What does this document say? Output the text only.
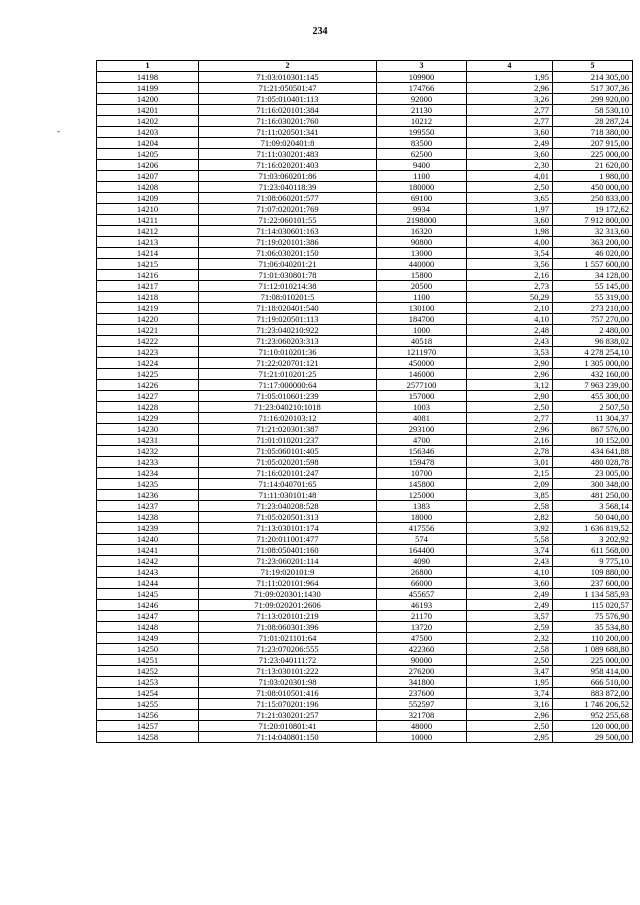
234
-
1	2	3	4	5
14198	71:03:010301:145	109900	1,95	214 305,00
14199	71:21:050501:47	174766	2,96	517 307,36
14200	71:05:010401:113	92000	3,26	299 920,00
14201	71:16:020101:384	21130	2,77	58 530,10
14202	71:16:030201:760	10212	2,77	28 287,24
14203	71:11:020501:341	199550	3,60	718 380,00
14204	71:09:020401:8	83500	2,49	207 915,00
14205	71:11:030201:483	62500	3,60	225 000,00
14206	71:16:020201:403	9400	2,30	21 620,00
14207	71:03:060201:86	1100	4,01	1 980,00
14208	71:23:040118:39	180000	2,50	450 000,00
14209	71:08:060201:577	69100	3,65	250 833,00
14210	71:07:020201:769	9934	1,97	19 172,62
14211	71:22:060101:55	2198000	3,60	7 912 800,00
14212	71:14:030601:163	16320	1,98	32 313,60
14213	71:19:020101:386	90800	4,00	363 200,00
14214	71:06:030201:150	13000	3,54	46 020,00
14215	71:06:040201:21	440000	3,56	1 557 600,00
14216	71:01:030801:78	15800	2,16	34 128,00
14217	71:12:010214:38	20500	2,73	55 145,00
14218	71:08:010201:5	1100	50,29	55 319,00
14219	71:18:020401:540	130100	2,10	273 210,00
14220	71:19:020501:113	184700	4,10	757 270,00
14221	71:23:040210:922	1000	2,48	2 480,00
14222	71:23:060203:313	40518	2,43	96 838,02
14223	71:10:010201:36	1211970	3,53	4 278 254,10
14224	71:22:020701:121	450000	2,90	1 305 000,00
14225	71:21:010201:25	146000	2,96	432 160,00
14226	71:17:000000:64	2577100	3,12	7 963 239,00
14227	71:05:010601:239	157000	2,90	455 300,00
14228	71:23:040210:1018	1003	2,50	2 507,50
14229	71:16:020103:12	4081	2,77	11 304,37
14230	71:21:020301:387	293100	2,96	867 576,00
14231	71:01:010201:237	4700	2,16	10 152,00
14232	71:05:060101:405	156346	2,78	434 641,88
14233	71:05:020201:598	159478	3,01	480 028,78
14234	71:16:020101:247	10700	2,15	23 005,00
14235	71:14:040701:65	145800	2,09	300 348,00
14236	71:11:030101:48	125000	3,85	481 250,00
14237	71:23:040208:528	1383	2,58	3 568,14
14238	71:05:020501:313	18000	2,82	50 040,00
14239	71:13:030101:174	417556	3,92	1 636 819,52
14240	71:20:011001:477	574	5,58	3 202,92
14241	71:08:050401:160	164400	3,74	611 568,00
14242	71:23:060201:114	4090	2,43	9 775,10
14243	71:19:020101:9	26800	4,10	109 880,00
14244	71:11:020101:964	66000	3,60	237 600,00
14245	71:09:020301:1430	455657	2,49	1 134 585,93
14246	71:09:020201:2606	46193	2,49	115 020,57
14247	71:13:020101:219	21170	3,57	75 576,90
14248	71:08:060301:396	13720	2,59	35 534,80
14249	71:01:021101:64	47500	2,32	110 200,00
14250	71:23:070206:555	422360	2,58	1 089 688,80
14251	71:23:040111:72	90000	2,50	225 000,00
14252	71:13:030101:222	276200	3,47	958 414,00
14253	71:03:020301:98	341800	1,95	666 510,00
14254	71:08:010501:416	237600	3,74	883 872,00
14255	71:15:070201:196	552597	3,16	1 746 206,52
14256	71:21:030201:257	321708	2,96	952 255,68
14257	71:20:010801:41	48000	2,50	120 000,00
14258	71:14:040801:150	10000	2,95	29 500,00
